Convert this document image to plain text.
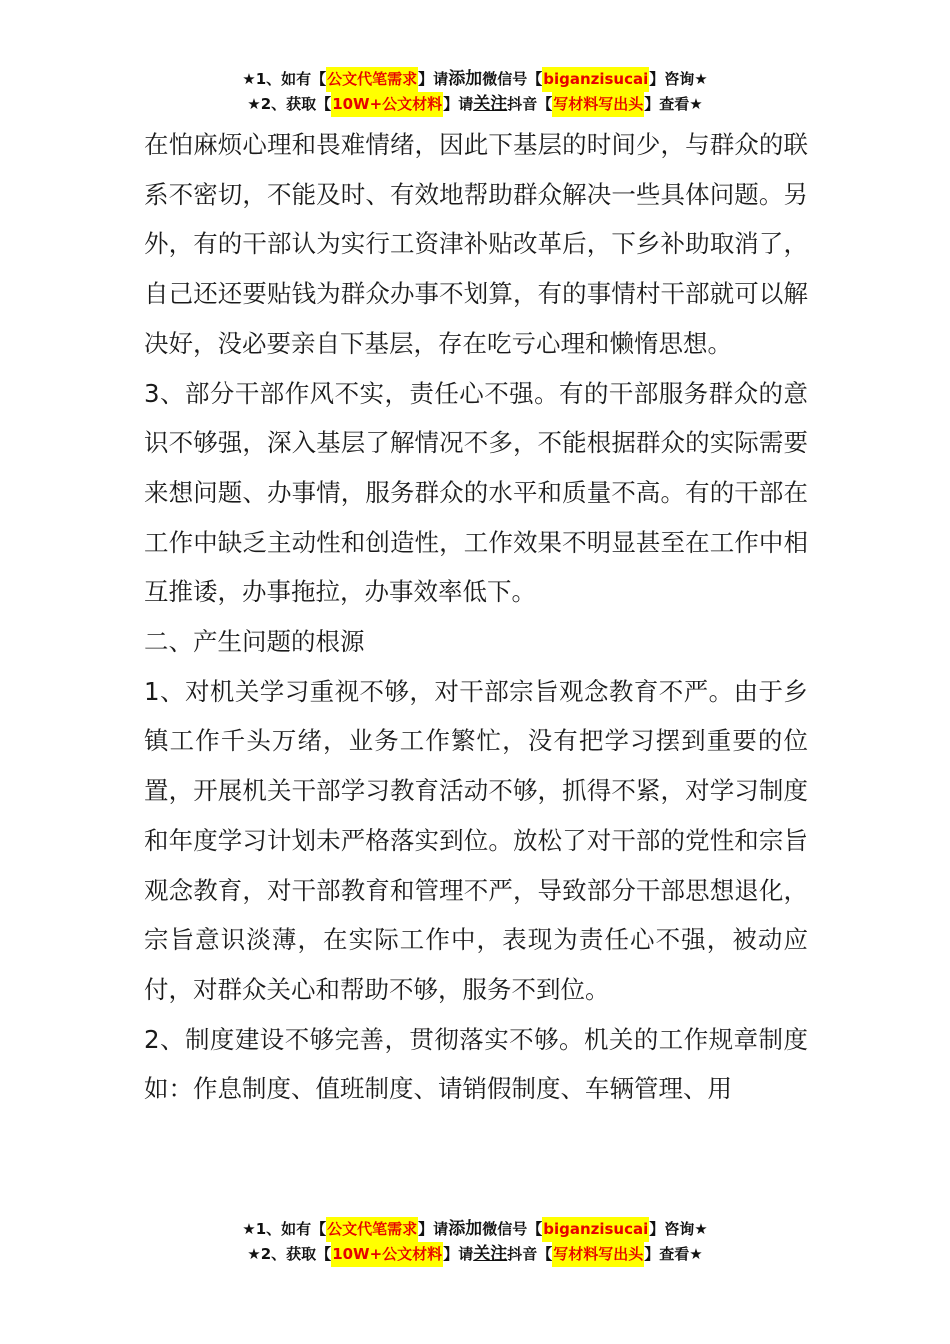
★1、如有【 公文代笔需求 】请 添加 微信号【 biganzisucai 】咨询★
★2、获取【 10W+公文材料 】请 关注 抖音【 写材料写出头 】查看★

在怕麻烦心理和畏难情绪，因此下基层的时间少，与群众的联系不密切，不能及时、有效地帮助群众解决一些具体问题。另外，有的干部认为实行工资津补贴改革后，下乡补助取消了，自己还还要贴钱为群众办事不划算，有的事情村干部就可以解决好，没必要亲自下基层，存在吃亏心理和懒惰思想。

3、部分干部作风不实，责任心不强。有的干部服务群众的意识不够强，深入基层了解情况不多，不能根据群众的实际需要来想问题、办事情，服务群众的水平和质量不高。有的干部在工作中缺乏主动性和创造性，工作效果不明显甚至在工作中相互推诿，办事拖拉，办事效率低下。

二、产生问题的根源

1、对机关学习重视不够，对干部宗旨观念教育不严。由于乡镇工作千头万绪，业务工作繁忙，没有把学习摆到重要的位置，开展机关干部学习教育活动不够，抓得不紧，对学习制度和年度学习计划未严格落实到位。放松了对干部的党性和宗旨观念教育，对干部教育和管理不严，导致部分干部思想退化，宗旨意识淡薄，在实际工作中，表现为责任心不强，被动应付，对群众关心和帮助不够，服务不到位。

2、制度建设不够完善，贯彻落实不够。机关的工作规章制度如：作息制度、值班制度、请销假制度、车辆管理、用

★1、如有【 公文代笔需求 】请 添加 微信号【 biganzisucai 】咨询★
★2、获取【 10W+公文材料 】请 关注 抖音【 写材料写出头 】查看★
